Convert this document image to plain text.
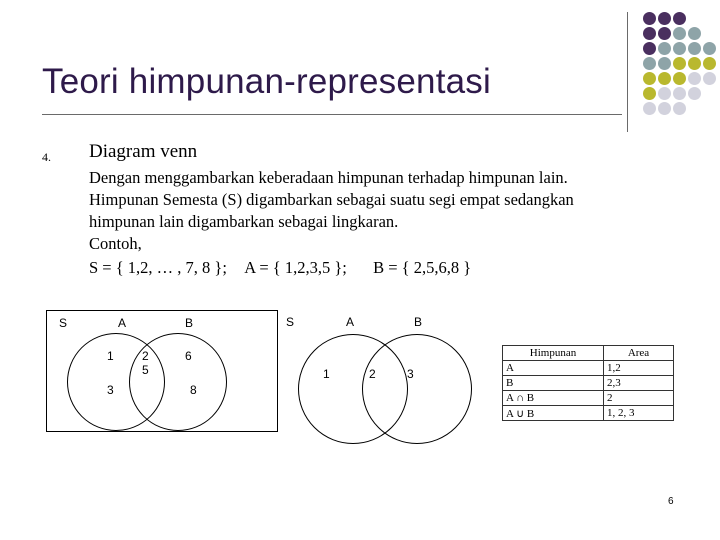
Teori himpunan-representasi
4. Diagram venn
Dengan menggambarkan keberadaan himpunan terhadap himpunan lain.
Himpunan Semesta (S) digambarkan sebagai suatu segi empat sedangkan
himpunan lain digambarkan sebagai lingkaran.
Contoh,
S = { 1,2, … , 7, 8 }; A = { 1,2,3,5 }; B = { 2,5,6,8 }
S	A	B
1
3
2
5
6
8
S	A	B
1	2	3
Himpunan	Area
A	1,2
B	2,3
A ∩ B	2
A ∪ B	1, 2, 3
6
